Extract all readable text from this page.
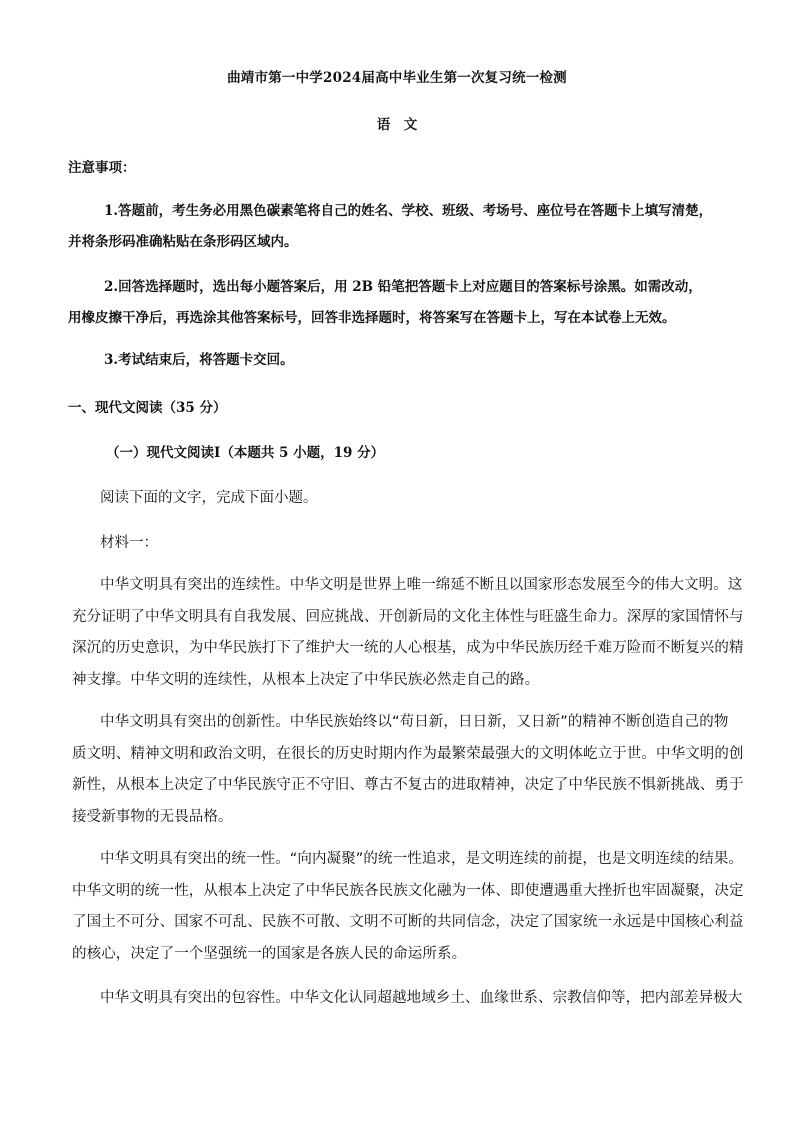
曲靖市第一中学2024届高中毕业生第一次复习统一检测
语　文
注意事项：
1.答题前，考生务必用黑色碳素笔将自己的姓名、学校、班级、考场号、座位号在答题卡上填写清楚，
并将条形码准确粘贴在条形码区域内。
2.回答选择题时，选出每小题答案后，用 2B 铅笔把答题卡上对应题目的答案标号涂黑。如需改动，
用橡皮擦干净后，再选涂其他答案标号，回答非选择题时，将答案写在答题卡上，写在本试卷上无效。
3.考试结束后，将答题卡交回。
一、现代文阅读（35 分）
（一）现代文阅读Ⅰ（本题共 5 小题，19 分）
阅读下面的文字，完成下面小题。
材料一：
中华文明具有突出的连续性。中华文明是世界上唯一绵延不断且以国家形态发展至今的伟大文明。这
充分证明了中华文明具有自我发展、回应挑战、开创新局的文化主体性与旺盛生命力。深厚的家国情怀与
深沉的历史意识，为中华民族打下了维护大一统的人心根基，成为中华民族历经千难万险而不断复兴的精
神支撑。中华文明的连续性，从根本上决定了中华民族必然走自己的路。
中华文明具有突出的创新性。中华民族始终以“苟日新，日日新，又日新”的精神不断创造自己的物
质文明、精神文明和政治文明，在很长的历史时期内作为最繁荣最强大的文明体屹立于世。中华文明的创
新性，从根本上决定了中华民族守正不守旧、尊古不复古的进取精神，决定了中华民族不惧新挑战、勇于
接受新事物的无畏品格。
中华文明具有突出的统一性。“向内凝聚”的统一性追求，是文明连续的前提，也是文明连续的结果。
中华文明的统一性，从根本上决定了中华民族各民族文化融为一体、即使遭遇重大挫折也牢固凝聚，决定
了国土不可分、国家不可乱、民族不可散、文明不可断的共同信念，决定了国家统一永远是中国核心利益
的核心，决定了一个坚强统一的国家是各族人民的命运所系。
中华文明具有突出的包容性。中华文化认同超越地域乡土、血缘世系、宗教信仰等，把内部差异极大
